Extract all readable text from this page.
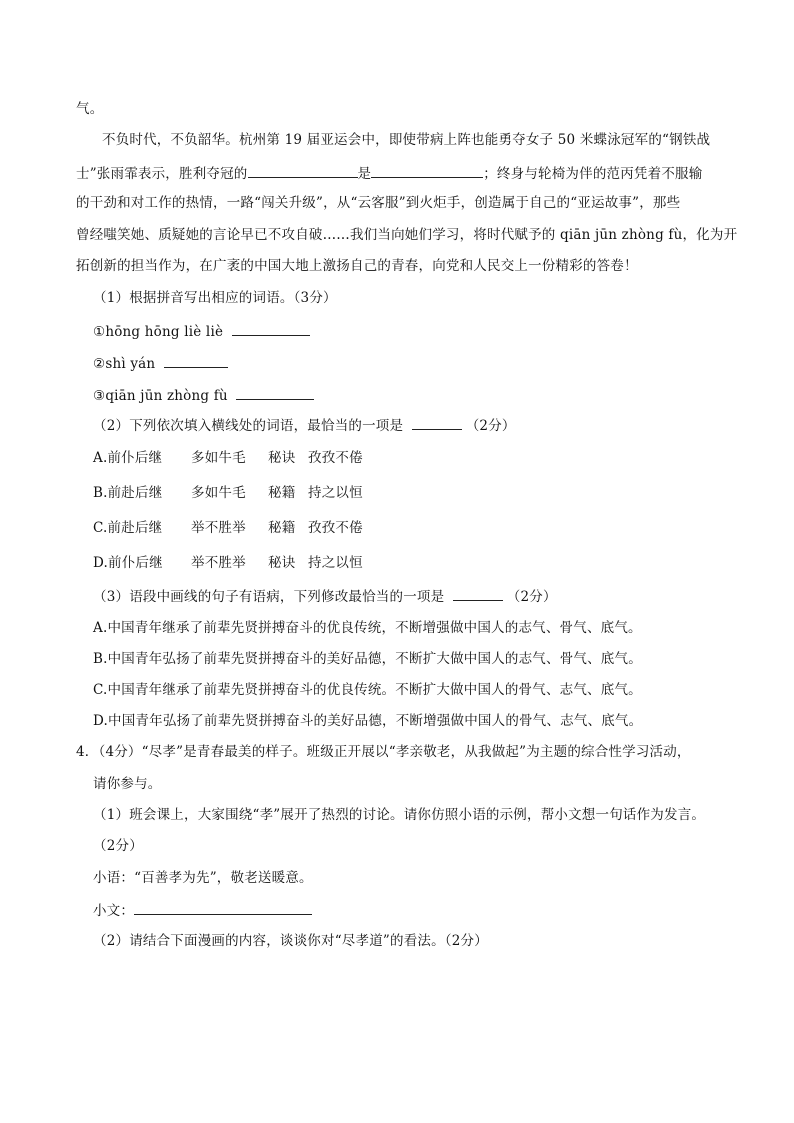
气。
不负时代，不负韶华。杭州第 19 届亚运会中，即使带病上阵也能勇夺女子 50 米蝶泳冠军的“钢铁战
士”张雨霏表示，胜利夺冠的	是	；终身与轮椅为伴的范丙凭着不服输
的干劲和对工作的热情，一路“闯关升级”，从“云客服”到火炬手，创造属于自己的“亚运故事”，那些
曾经嗤笑她、质疑她的言论早已不攻自破……我们当向她们学习，将时代赋予的 qiān jūn zhòng fù，化为开
拓创新的担当作为，在广袤的中国大地上激扬自己的青春，向党和人民交上一份精彩的答卷！
（1）根据拼音写出相应的词语。（3分）
①hōng hōng liè liè
②shì yán
③qiān jūn zhòng fù
（2）下列依次填入横线处的词语，最恰当的一项是	（2分）
A.前仆后继 多如牛毛 秘诀 孜孜不倦
B.前赴后继 多如牛毛 秘籍 持之以恒
C.前赴后继 举不胜举 秘籍 孜孜不倦
D.前仆后继 举不胜举 秘诀 持之以恒
（3）语段中画线的句子有语病，下列修改最恰当的一项是	（2分）
A.中国青年继承了前辈先贤拼搏奋斗的优良传统，不断增强做中国人的志气、骨气、底气。
B.中国青年弘扬了前辈先贤拼搏奋斗的美好品德，不断扩大做中国人的志气、骨气、底气。
C.中国青年继承了前辈先贤拼搏奋斗的优良传统。不断扩大做中国人的骨气、志气、底气。
D.中国青年弘扬了前辈先贤拼搏奋斗的美好品德，不断增强做中国人的骨气、志气、底气。
4．（4分）“尽孝”是青春最美的样子。班级正开展以“孝亲敬老，从我做起”为主题的综合性学习活动，
请你参与。
（1）班会课上，大家围绕“孝”展开了热烈的讨论。请你仿照小语的示例，帮小文想一句话作为发言。
（2分）
小语：“百善孝为先”，敬老送暖意。
小文：
（2）请结合下面漫画的内容，谈谈你对“尽孝道”的看法。（2分）
